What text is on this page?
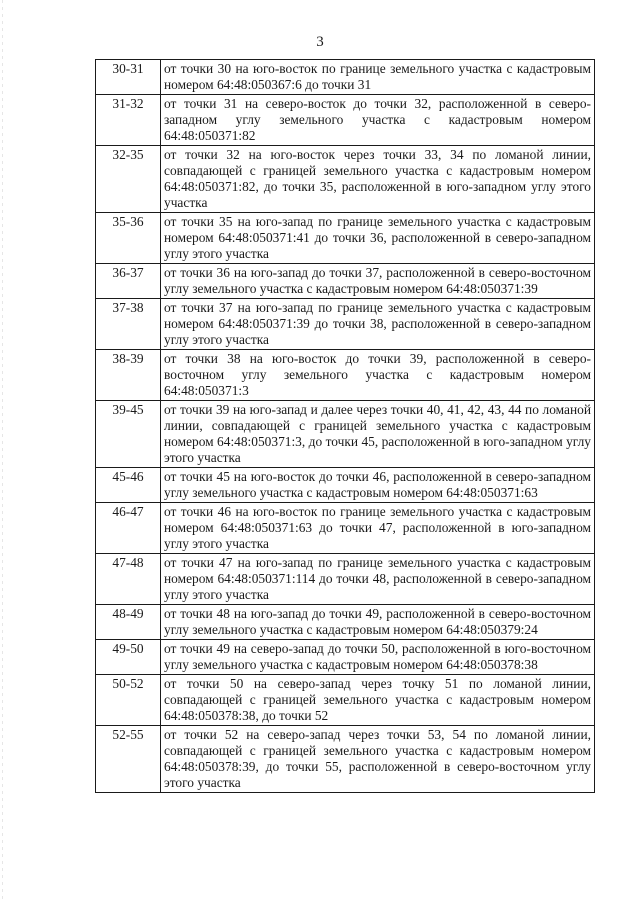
3
30-31	от точки 30 на юго-восток по границе земельного участка с кадастровым номером 64:48:050367:6 до точки 31
31-32	от точки 31 на северо-восток до точки 32, расположенной в северо-западном углу земельного участка с кадастровым номером 64:48:050371:82
32-35	от точки 32 на юго-восток через точки 33, 34 по ломаной линии, совпадающей с границей земельного участка с кадастровым номером 64:48:050371:82, до точки 35, расположенной в юго-западном углу этого участка
35-36	от точки 35 на юго-запад по границе земельного участка с кадастровым номером 64:48:050371:41 до точки 36, расположенной в северо-западном углу этого участка
36-37	от точки 36 на юго-запад до точки 37, расположенной в северо-восточном углу земельного участка с кадастровым номером 64:48:050371:39
37-38	от точки 37 на юго-запад по границе земельного участка с кадастровым номером 64:48:050371:39 до точки 38, расположенной в северо-западном углу этого участка
38-39	от точки 38 на юго-восток до точки 39, расположенной в северо-восточном углу земельного участка с кадастровым номером 64:48:050371:3
39-45	от точки 39 на юго-запад и далее через точки 40, 41, 42, 43, 44 по ломаной линии, совпадающей с границей земельного участка с кадастровым номером 64:48:050371:3, до точки 45, расположенной в юго-западном углу этого участка
45-46	от точки 45 на юго-восток до точки 46, расположенной в северо-западном углу земельного участка с кадастровым номером 64:48:050371:63
46-47	от точки 46 на юго-восток по границе земельного участка с кадастровым номером 64:48:050371:63 до точки 47, расположенной в юго-западном углу этого участка
47-48	от точки 47 на юго-запад по границе земельного участка с кадастровым номером 64:48:050371:114 до точки 48, расположенной в северо-западном углу этого участка
48-49	от точки 48 на юго-запад до точки 49, расположенной в северо-восточном углу земельного участка с кадастровым номером 64:48:050379:24
49-50	от точки 49 на северо-запад до точки 50, расположенной в юго-восточном углу земельного участка с кадастровым номером 64:48:050378:38
50-52	от точки 50 на северо-запад через точку 51 по ломаной линии, совпадающей с границей земельного участка с кадастровым номером 64:48:050378:38, до точки 52
52-55	от точки 52 на северо-запад через точки 53, 54 по ломаной линии, совпадающей с границей земельного участка с кадастровым номером 64:48:050378:39, до точки 55, расположенной в северо-восточном углу этого участка
